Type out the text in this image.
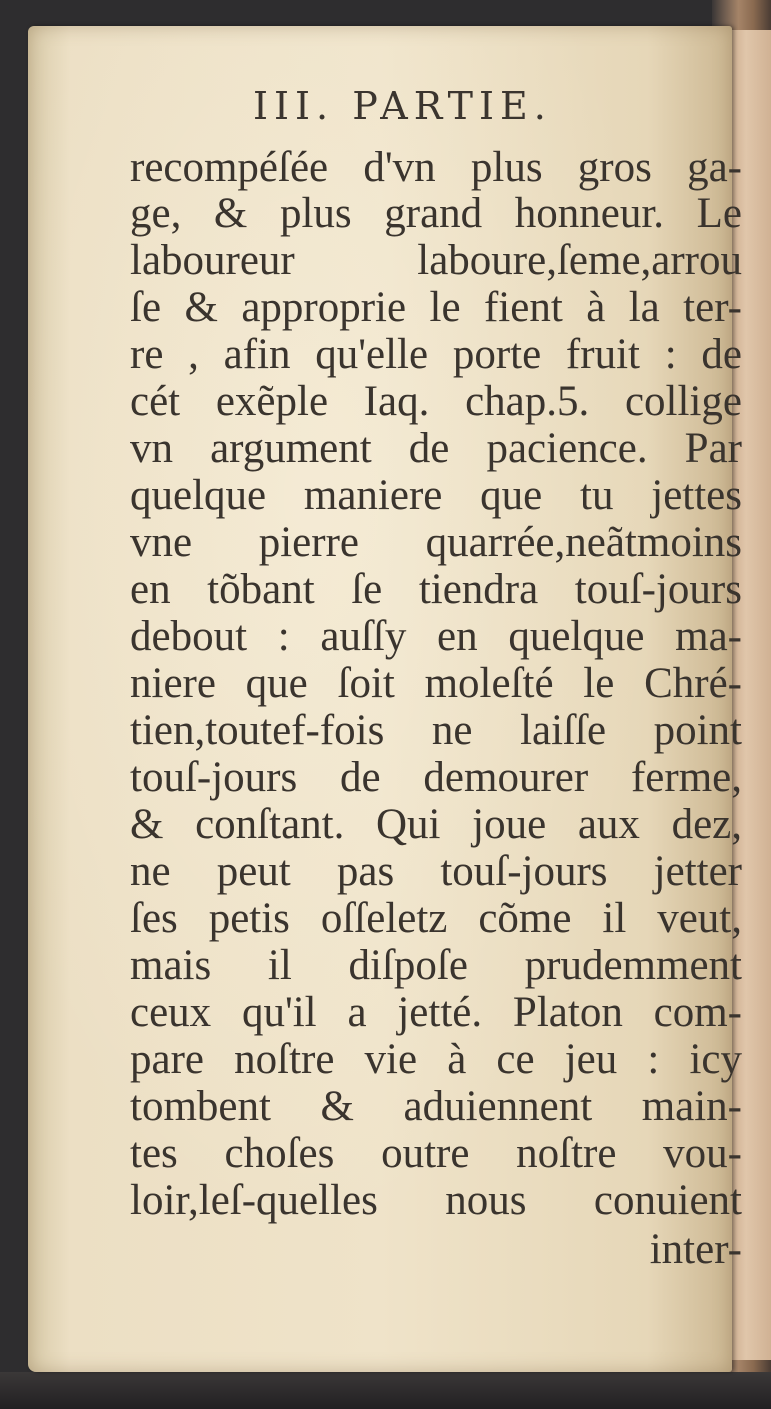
III. PARTIE.
recompéſée d'vn plus gros ga-
ge, & plus grand honneur. Le
laboureur laboure,ſeme,arrou
ſe & approprie le fient à la ter-
re , afin qu'elle porte fruit : de
cét exẽple Iaq. chap.5. collige
vn argument de pacience. Par
quelque maniere que tu jettes
vne pierre quarrée,neãtmoins
en tõbant ſe tiendra touſ-jours
debout : auſſy en quelque ma-
niere que ſoit moleſté le Chré-
tien,toutef-fois ne laiſſe point
touſ-jours de demourer ferme,
& conſtant. Qui joue aux dez,
ne peut pas touſ-jours jetter
ſes petis oſſeletz cõme il veut,
mais il diſpoſe prudemment
ceux qu'il a jetté. Platon com-
pare noſtre vie à ce jeu : icy
tombent & aduiennent main-
tes choſes outre noſtre vou-
loir,leſ-quelles nous conuient
inter-
